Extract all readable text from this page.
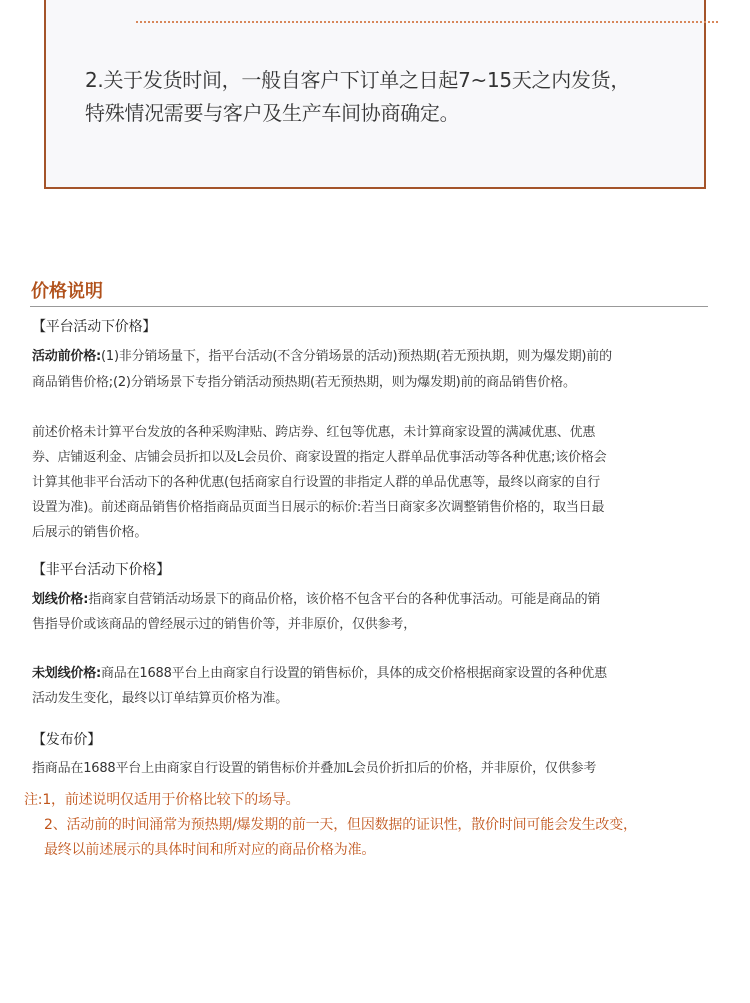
2.关于发货时间，一般自客户下订单之日起7~15天之内发货，
特殊情况需要与客户及生产车间协商确定。
价格说明
【平台活动下价格】
活动前价格:(1)非分销场量下，指平台活动(不含分销场景的活动)预热期(若无预执期，则为爆发期)前的
商品销售价格;(2)分销场景下专指分销活动预热期(若无预热期，则为爆发期)前的商品销售价格。
前述价格未计算平台发放的各种采购津贴、跨店券、红包等优惠，未计算商家设置的满减优惠、优惠
券、店铺返利金、店铺会员折扣以及L会员价、商家设置的指定人群单品优事活动等各种优惠;该价格会
计算其他非平台活动下的各种优惠(包括商家自行设置的非指定人群的单品优惠等，最终以商家的自行
设置为准)。前述商品销售价格指商品页面当日展示的标价:若当日商家多次调整销售价格的，取当日最
后展示的销售价格。
【非平台活动下价格】
划线价格:指商家自营销活动场景下的商品价格，该价格不包含平台的各种优事活动。可能是商品的销
售指导价或该商品的曾经展示过的销售价等，并非原价，仅供参考，
未划线价格:商品在1688平台上由商家自行设置的销售标价，具体的成交价格根据商家设置的各种优惠
活动发生变化，最终以订单结算页价格为准。
【发布价】
指商品在1688平台上由商家自行设置的销售标价并叠加L会员价折扣后的价格，并非原价，仅供参考
注:1，前述说明仅适用于价格比较下的场导。
2、活动前的时间涌常为预热期/爆发期的前一天，但因数据的证识性，散价时间可能会发生改变，
最终以前述展示的具体时间和所对应的商品价格为准。
